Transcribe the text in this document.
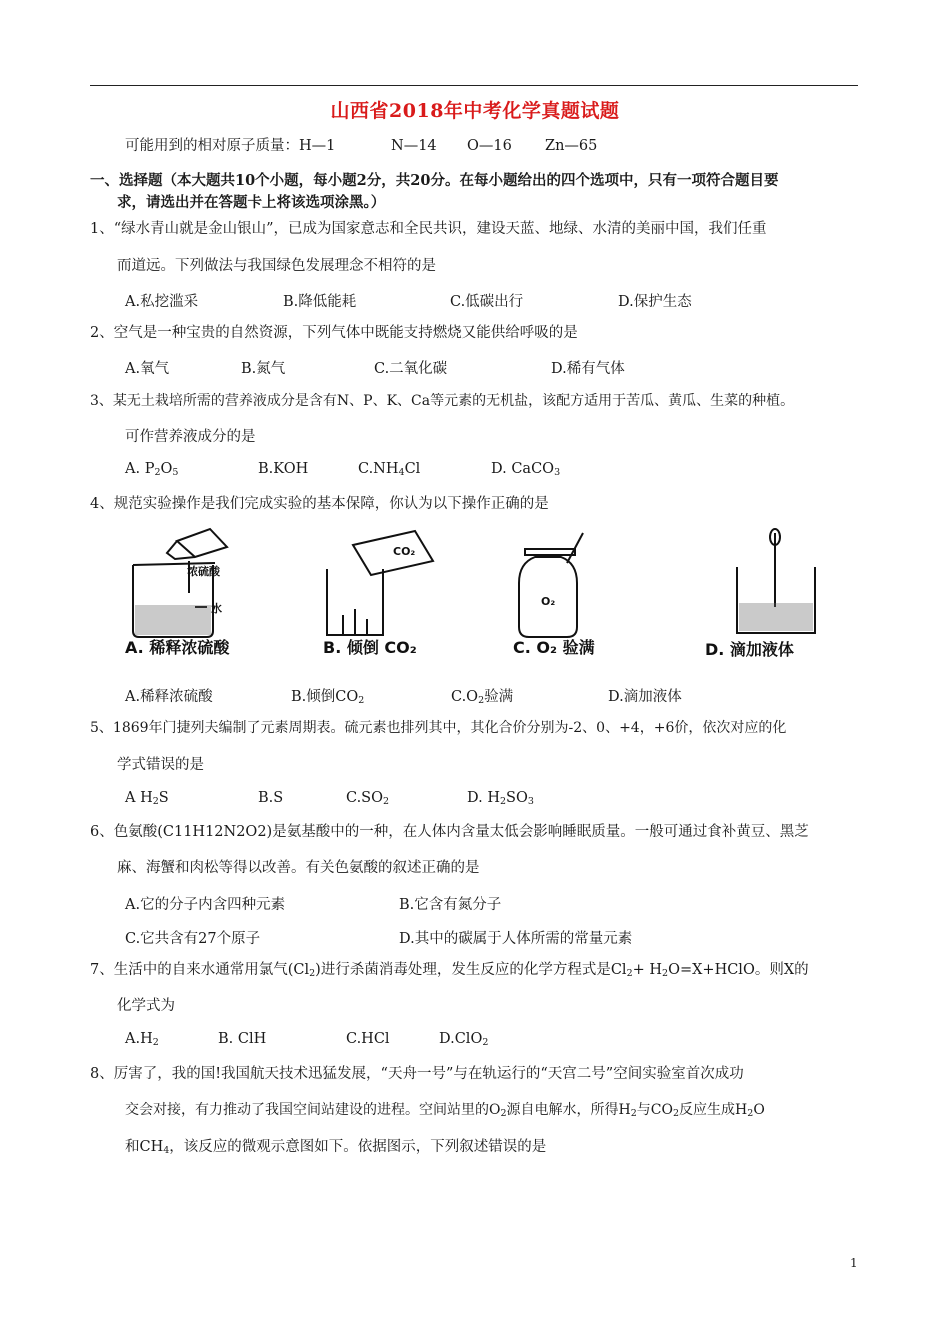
山西省2018年中考化学真题试题
可能用到的相对原子质量：H—1	N—14 O—16 Zn—65
一、选择题（本大题共10个小题，每小题2分，共20分。在每小题给出的四个选项中，只有一项符合题目要
求，请选出并在答题卡上将该选项涂黑。）
1、“绿水青山就是金山银山”，已成为国家意志和全民共识，建设天蓝、地绿、水清的美丽中国，我们任重
而道远。下列做法与我国绿色发展理念不相符的是
A.私挖滥采	B.降低能耗	C.低碳出行	D.保护生态
2、空气是一种宝贵的自然资源，下列气体中既能支持燃烧又能供给呼吸的是
A.氧气	B.氮气	C.二氧化碳	D.稀有气体
3、某无土栽培所需的营养液成分是含有N、P、K、Ca等元素的无机盐，该配方适用于苦瓜、黄瓜、生菜的种植。
可作营养液成分的是
A. $P_2O_5$	B.KOH	$C.NH_4Cl$	D. CaCO$_3$
4、规范实验操作是我们完成实验的基本保障，你认为以下操作正确的是
浓硫酸
水
CO₂
O₂
A. 稀释浓硫酸	B. 倾倒 CO₂	C. O₂ 验满	D. 滴加液体
A.稀释浓硫酸	B.倾倒$CO_2$	$C.O_2$验满	D.滴加液体
5、1869年门捷列夫编制了元素周期表。硫元素也排列其中，其化合价分别为-2、0、+4，+6价，依次对应的化
学式错误的是
A $H_2S$	B.S	$C.SO_2$	D. $H_2SO_3$
6、色氨酸(C11H12N2O2)是氨基酸中的一种，在人体内含量太低会影响睡眠质量。一般可通过食补黄豆、黑芝
麻、海蟹和肉松等得以改善。有关色氨酸的叙述正确的是
A.它的分子内含四种元素	B.它含有氮分子
C.它共含有27个原子	D.其中的碳属于人体所需的常量元素
7、生活中的自来水通常用氯气$(Cl_2)$进行杀菌消毒处理，发生反应的化学方程式是$Cl_2+$ $H_2O=X+HClO$。则X的
化学式为
$A.H_2$	B. ClH	C.HCl	D.ClO$_2$
8、厉害了，我的国!我国航天技术迅猛发展，“天舟一号”与在轨运行的“天宫二号”空间实验室首次成功
交会对接，有力推动了我国空间站建设的进程。空间站里的$O_2$源自电解水，所得$H_2$与$CO_2$反应生成$H_2O$
和$CH_4$，该反应的微观示意图如下。依据图示，下列叙述错误的是
1
